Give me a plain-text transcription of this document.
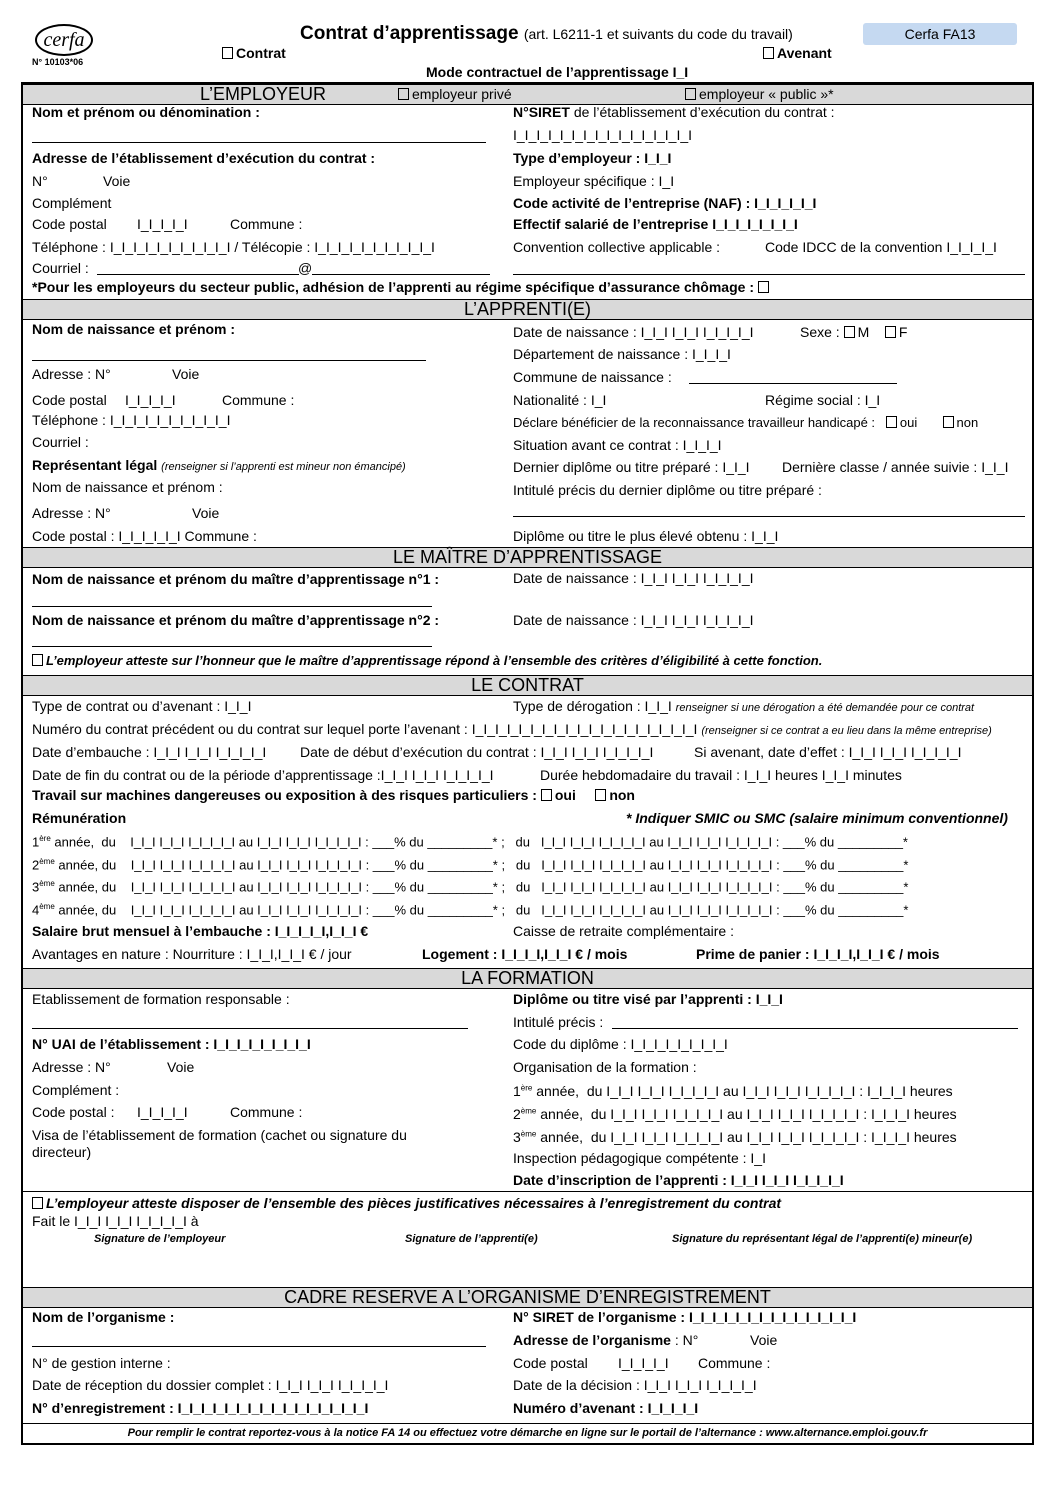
cerfa
N° 10103*06
Contrat d’apprentissage (art. L6211-1 et suivants du code du travail)	Cerfa FA13
Contrat	Avenant
Mode contractuel de l’apprentissage I_I
L’EMPLOYEUR	employeur privé	employeur « public »*
Nom et prénom ou dénomination :	N°SIRET de l’établissement d’exécution du contrat :
I_I_I_I_I_I_I_I_I_I_I_I_I_I_I_I
Adresse de l’établissement d’exécution du contrat :	Type d’employeur : I_I_I
N°	Voie	Employeur spécifique : I_I
Complément	Code activité de l’entreprise (NAF) : I_I_I_I_I_I
Code postal I_I_I_I_I	Commune :	Effectif salarié de l’entreprise I_I_I_I_I_I_I_I
Téléphone : I_I_I_I_I_I_I_I_I_I_I / Télécopie : I_I_I_I_I_I_I_I_I_I_I	Convention collective applicable :	Code IDCC de la convention I_I_I_I_I
Courriel :	@
*Pour les employeurs du secteur public, adhésion de l’apprenti au régime spécifique d’assurance chômage :
L’APPRENTI(E)
Nom de naissance et prénom :	Date de naissance : I_I_I I_I_I I_I_I_I_I	Sexe : M F
Département de naissance : I_I_I_I
Adresse : N°	Voie	Commune de naissance :
Code postal I_I_I_I_I	Commune :	Nationalité : I_I	Régime social : I_I
Téléphone : I_I_I_I_I_I_I_I_I_I_I	Déclare bénéficier de la reconnaissance travailleur handicapé : oui	non
Courriel :	Situation avant ce contrat : I_I_I_I
Représentant légal (renseigner si l’apprenti est mineur non émancipé)	Dernier diplôme ou titre préparé : I_I_I Dernière classe / année suivie : I_I_I
Nom de naissance et prénom :	Intitulé précis du dernier diplôme ou titre préparé :
Adresse : N°	Voie
Code postal : I_I_I_I_I_I Commune :	Diplôme ou titre le plus élevé obtenu : I_I_I
LE MAÎTRE D’APPRENTISSAGE
Nom de naissance et prénom du maître d’apprentissage n°1 :	Date de naissance : I_I_I I_I_I I_I_I_I_I
Nom de naissance et prénom du maître d’apprentissage n°2 :	Date de naissance : I_I_I I_I_I I_I_I_I_I
L’employeur atteste sur l’honneur que le maître d’apprentissage répond à l’ensemble des critères d’éligibilité à cette fonction.
LE CONTRAT
Type de contrat ou d’avenant : I_I_I	Type de dérogation : I_I_I renseigner si une dérogation a été demandée pour ce contrat
Numéro du contrat précédent ou du contrat sur lequel porte l’avenant : I_I_I_I_I_I_I_I_I_I_I_I_I_I_I_I_I_I_I_I (renseigner si ce contrat a eu lieu dans la même entreprise)
Date d’embauche : I_I_I I_I_I I_I_I_I_I Date de début d’exécution du contrat : I_I_I I_I_I I_I_I_I_I	Si avenant, date d’effet : I_I_I I_I_I I_I_I_I_I
Date de fin du contrat ou de la période d’apprentissage :I_I_I I_I_I I_I_I_I_I	Durée hebdomadaire du travail : I_I_I heures I_I_I minutes
Travail sur machines dangereuses ou exposition à des risques particuliers : oui non
Rémunération	* Indiquer SMIC ou SMC (salaire minimum conventionnel)
1ère année,  du    I_I_I I_I_I I_I_I_I_I au I_I_I I_I_I I_I_I_I_I : ___% du _________* ;   du   I_I_I I_I_I I_I_I_I_I au I_I_I I_I_I I_I_I_I_I : ___% du _________*
2ème année, du    I_I_I I_I_I I_I_I_I_I au I_I_I I_I_I I_I_I_I_I : ___% du _________* ;   du   I_I_I I_I_I I_I_I_I_I au I_I_I I_I_I I_I_I_I_I : ___% du _________*
3ème année, du    I_I_I I_I_I I_I_I_I_I au I_I_I I_I_I I_I_I_I_I : ___% du _________* ;   du   I_I_I I_I_I I_I_I_I_I au I_I_I I_I_I I_I_I_I_I : ___% du _________*
4ème année, du    I_I_I I_I_I I_I_I_I_I au I_I_I I_I_I I_I_I_I_I : ___% du _________* ;   du   I_I_I I_I_I I_I_I_I_I au I_I_I I_I_I I_I_I_I_I : ___% du _________*
Salaire brut mensuel à l’embauche : I_I_I_I_I,I_I_I €	Caisse de retraite complémentaire :
Avantages en nature : Nourriture : I_I_I,I_I_I € / jour	Logement : I_I_I_I,I_I_I € / mois	Prime de panier : I_I_I_I,I_I_I € / mois
LA FORMATION
Etablissement de formation responsable :	Diplôme ou titre visé par l’apprenti : I_I_I
Intitulé précis :
N° UAI de l’établissement : I_I_I_I_I_I_I_I_I	Code du diplôme : I_I_I_I_I_I_I_I_I
Adresse : N°	Voie	Organisation de la formation :
Complément :	1ère année,  du I_I_I I_I_I I_I_I_I_I au I_I_I I_I_I I_I_I_I_I : I_I_I_I heures
Code postal : I_I_I_I_I	Commune :	2ème année,  du I_I_I I_I_I I_I_I_I_I au I_I_I I_I_I I_I_I_I_I : I_I_I_I heures
Visa de l’établissement de formation (cachet ou signature du
directeur)
3ème année,  du I_I_I I_I_I I_I_I_I_I au I_I_I I_I_I I_I_I_I_I : I_I_I_I heures
Inspection pédagogique compétente : I_I
Date d’inscription de l’apprenti : I_I_I I_I_I I_I_I_I_I
L’employeur atteste disposer de l’ensemble des pièces justificatives nécessaires à l’enregistrement du contrat
Fait le I_I_I I_I_I I_I_I_I_I à
Signature de l’employeur	Signature de l’apprenti(e)	Signature du représentant légal de l’apprenti(e) mineur(e)
CADRE RESERVE A L’ORGANISME D’ENREGISTREMENT
Nom de l’organisme :	N° SIRET de l’organisme : I_I_I_I_I_I_I_I_I_I_I_I_I_I_I
Adresse de l’organisme : N°	Voie
N° de gestion interne :	Code postal I_I_I_I_I Commune :
Date de réception du dossier complet : I_I_I I_I_I I_I_I_I_I	Date de la décision : I_I_I I_I_I I_I_I_I_I
N° d’enregistrement : I_I_I_I_I_I_I_I_I_I_I_I_I_I_I_I_I	Numéro d’avenant : I_I_I_I_I
Pour remplir le contrat reportez-vous à la notice FA 14 ou effectuez votre démarche en ligne sur le portail de l’alternance : www.alternance.emploi.gouv.fr
